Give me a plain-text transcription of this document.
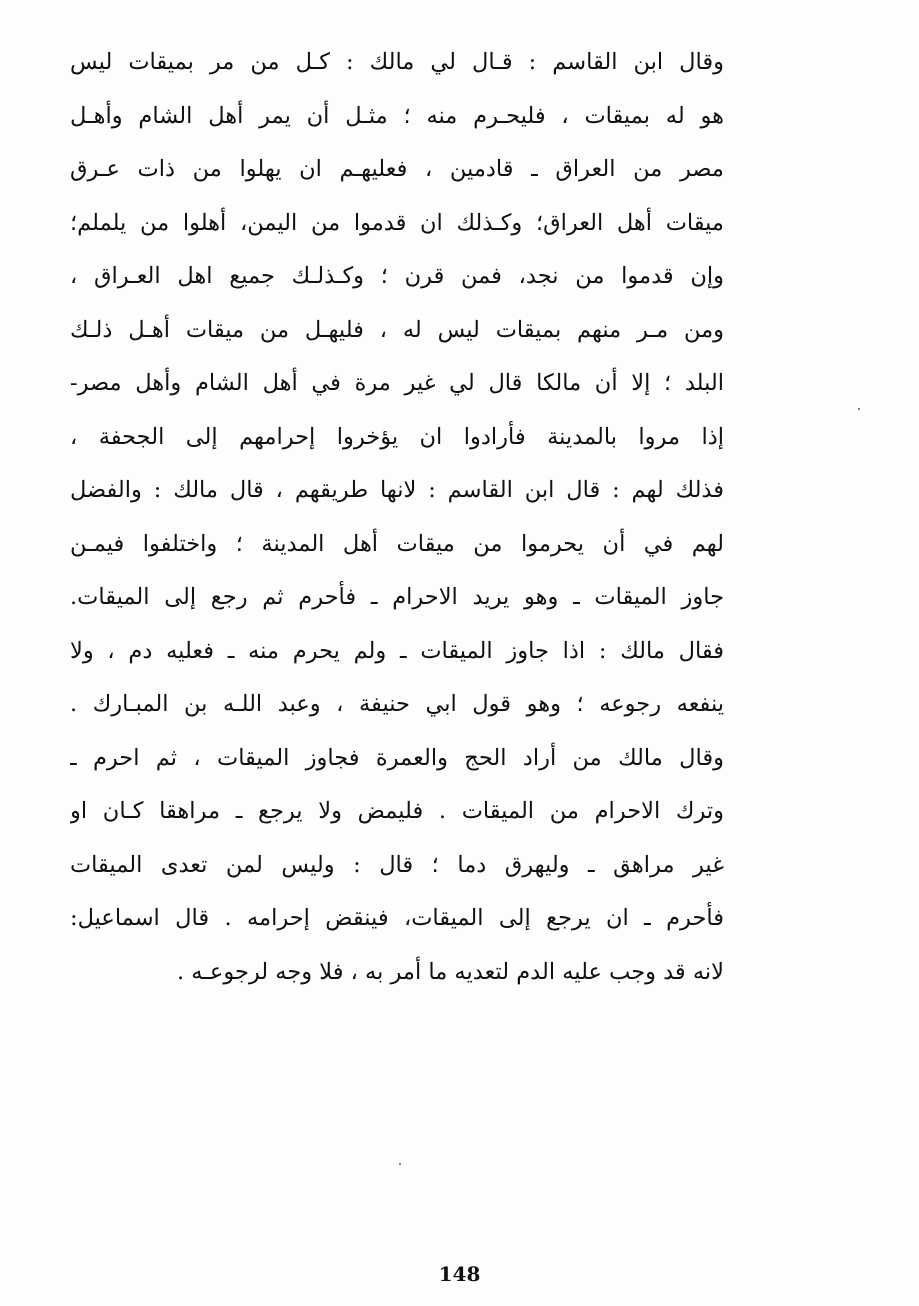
وقال ابن القاسم : قـال لي مالك : كـل من مر بميقات ليس
هو له بميقات ، فليحـرم منه ؛ مثـل أن يمر أهل الشام وأهـل
مصر من العراق ـ قادمين ، فعليهـم ان يهلوا من ذات عـرق
ميقات أهل العراق؛ وكـذلك ان قدموا من اليمن، أهلوا من يلملم؛
وإن قدموا من نجد، فمن قرن ؛ وكـذلـك جميع اهل العـراق ،
ومن مـر منهم بميقات ليس له ، فليهـل من ميقات أهـل ذلـك
البلد ؛ إلا أن مالكا قال لي غير مرة في أهل الشام وأهل مصر-
إذا مروا بالمدينة فأرادوا ان يؤخروا إحرامهم إلى الجحفة ،
فذلك لهم : قال ابن القاسم : لانها طريقهم ، قال مالك : والفضل
لهم في أن يحرموا من ميقات أهل المدينة ؛ واختلفوا فيمـن
جاوز الميقات ـ وهو يريد الاحرام ـ فأحرم ثم رجع إلى الميقات.
فقال مالك : اذا جاوز الميقات ـ ولم يحرم منه ـ فعليه دم ، ولا
ينفعه رجوعه ؛ وهو قول ابي حنيفة ، وعبد اللـه بن المبـارك .
وقال مالك من أراد الحج والعمرة فجاوز الميقات ، ثم احرم ـ
وترك الاحرام من الميقات . فليمض ولا يرجع ـ مراهقا كـان او
غير مراهق ـ وليهرق دما ؛ قال : وليس لمن تعدى الميقات
فأحرم ـ ان يرجع إلى الميقات، فينقض إحرامه . قال اسماعيل:
لانه قد وجب عليه الدم لتعديه ما أمر به ، فلا وجه لرجوعـه .
148
